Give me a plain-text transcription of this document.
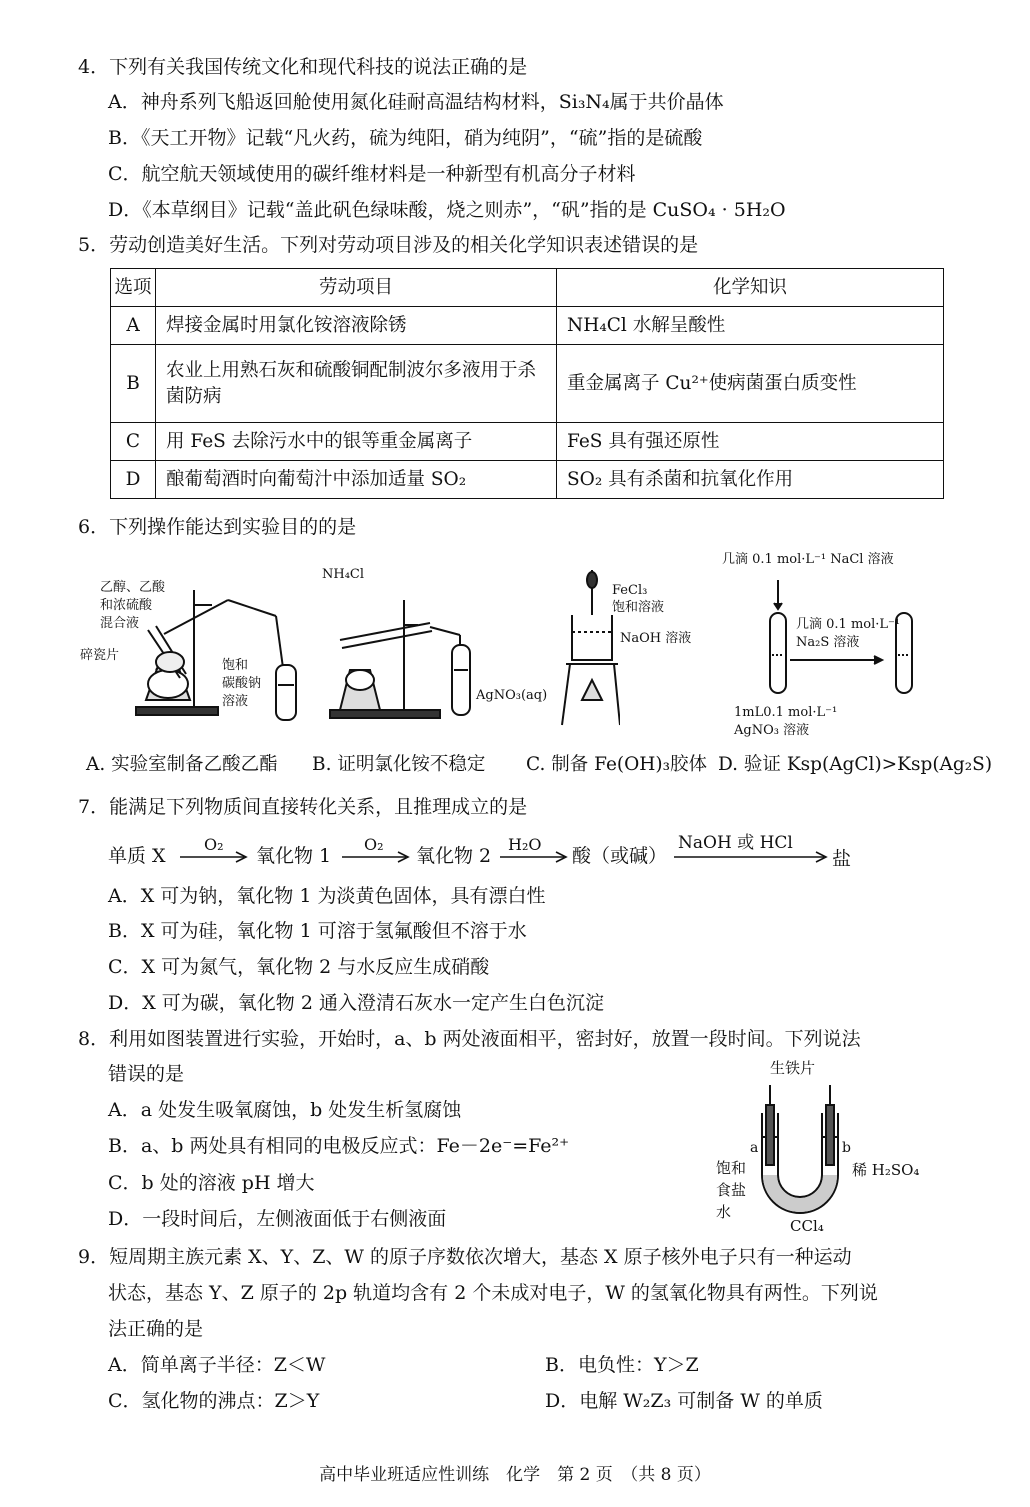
4．下列有关我国传统文化和现代科技的说法正确的是
A．神舟系列飞船返回舱使用氮化硅耐高温结构材料，Si₃N₄属于共价晶体
B．《天工开物》记载“凡火药，硫为纯阳，硝为纯阴”，“硫”指的是硫酸
C．航空航天领域使用的碳纤维材料是一种新型有机高分子材料
D．《本草纲目》记载“盖此矾色绿味酸，烧之则赤”，“矾”指的是 CuSO₄ · 5H₂O
5．劳动创造美好生活。下列对劳动项目涉及的相关化学知识表述错误的是
选项	劳动项目	化学知识
A	焊接金属时用氯化铵溶液除锈	NH₄Cl 水解呈酸性
B	农业上用熟石灰和硫酸铜配制波尔多液用于杀菌防病	重金属离子 Cu²⁺使病菌蛋白质变性
C	用 FeS 去除污水中的银等重金属离子	FeS 具有强还原性
D	酿葡萄酒时向葡萄汁中添加适量 SO₂	SO₂ 具有杀菌和抗氧化作用
6．下列操作能达到实验目的的是
乙醇、乙酸
和浓硫酸
混合液
碎瓷片
饱和
碳酸钠
溶液
NH₄Cl
AgNO₃(aq)
FeCl₃
饱和溶液
NaOH 溶液
几滴 0.1 mol·L⁻¹ NaCl 溶液
几滴 0.1 mol·L⁻¹
Na₂S 溶液
1mL0.1 mol·L⁻¹
AgNO₃ 溶液
A. 实验室制备乙酸乙酯 B. 证明氯化铵不稳定 C. 制备 Fe(OH)₃胶体 D. 验证 Ksp(AgCl)>Ksp(Ag₂S)
7．能满足下列物质间直接转化关系，且推理成立的是
单质 X
O₂
氧化物 1
O₂
氧化物 2
H₂O
酸（或碱）
NaOH 或 HCl
盐
A．X 可为钠，氧化物 1 为淡黄色固体，具有漂白性
B．X 可为硅，氧化物 1 可溶于氢氟酸但不溶于水
C．X 可为氮气，氧化物 2 与水反应生成硝酸
D．X 可为碳，氧化物 2 通入澄清石灰水一定产生白色沉淀
8．利用如图装置进行实验，开始时，a、b 两处液面相平，密封好，放置一段时间。下列说法
错误的是
A．a 处发生吸氧腐蚀，b 处发生析氢腐蚀
B．a、b 两处具有相同的电极反应式：Fe－2e⁻=Fe²⁺
C．b 处的溶液 pH 增大
D．一段时间后，左侧液面低于右侧液面
生铁片
a	b
饱和
食盐
水
稀 H₂SO₄
CCl₄
9．短周期主族元素 X、Y、Z、W 的原子序数依次增大，基态 X 原子核外电子只有一种运动
状态，基态 Y、Z 原子的 2p 轨道均含有 2 个未成对电子，W 的氢氧化物具有两性。下列说
法正确的是
A．简单离子半径：Z＜W	B．电负性：Y＞Z
C．氢化物的沸点：Z＞Y	D．电解 W₂Z₃ 可制备 W 的单质
高中毕业班适应性训练　化学　第 2 页　（共 8 页）
